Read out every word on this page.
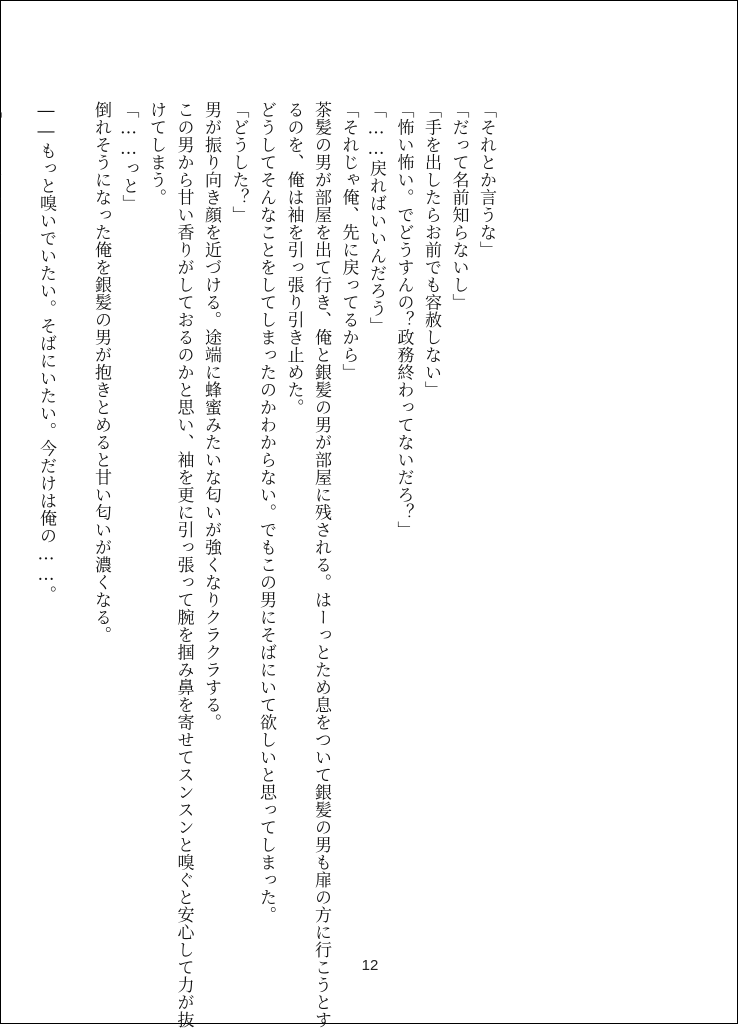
「それとか言うな」
「だって名前知らないし」
「手を出したらお前でも容赦しない」
「怖い怖い。でどうすんの？政務終わってないだろ？」
「……戻ればいいんだろう」
「それじゃ俺、先に戻ってるから」
茶髪の男が部屋を出て行き、俺と銀髪の男が部屋に残される。はーっとため息をついて銀髪の男も扉の方に行こうとす
るのを、俺は袖を引っ張り引き止めた。
どうしてそんなことをしてしまったのかわからない。でもこの男にそばにいて欲しいと思ってしまった。
「どうした？」
男が振り向き顔を近づける。途端に蜂蜜みたいな匂いが強くなりクラクラする。
この男から甘い香りがしておるのかと思い、袖を更に引っ張って腕を掴み鼻を寄せてスンスンと嗅ぐと安心して力が抜
けてしまう。
「……っと」
倒れそうになった俺を銀髪の男が抱きとめると甘い匂いが濃くなる。
――もっと嗅いでいたい。そばにいたい。今だけは俺の……。
12
